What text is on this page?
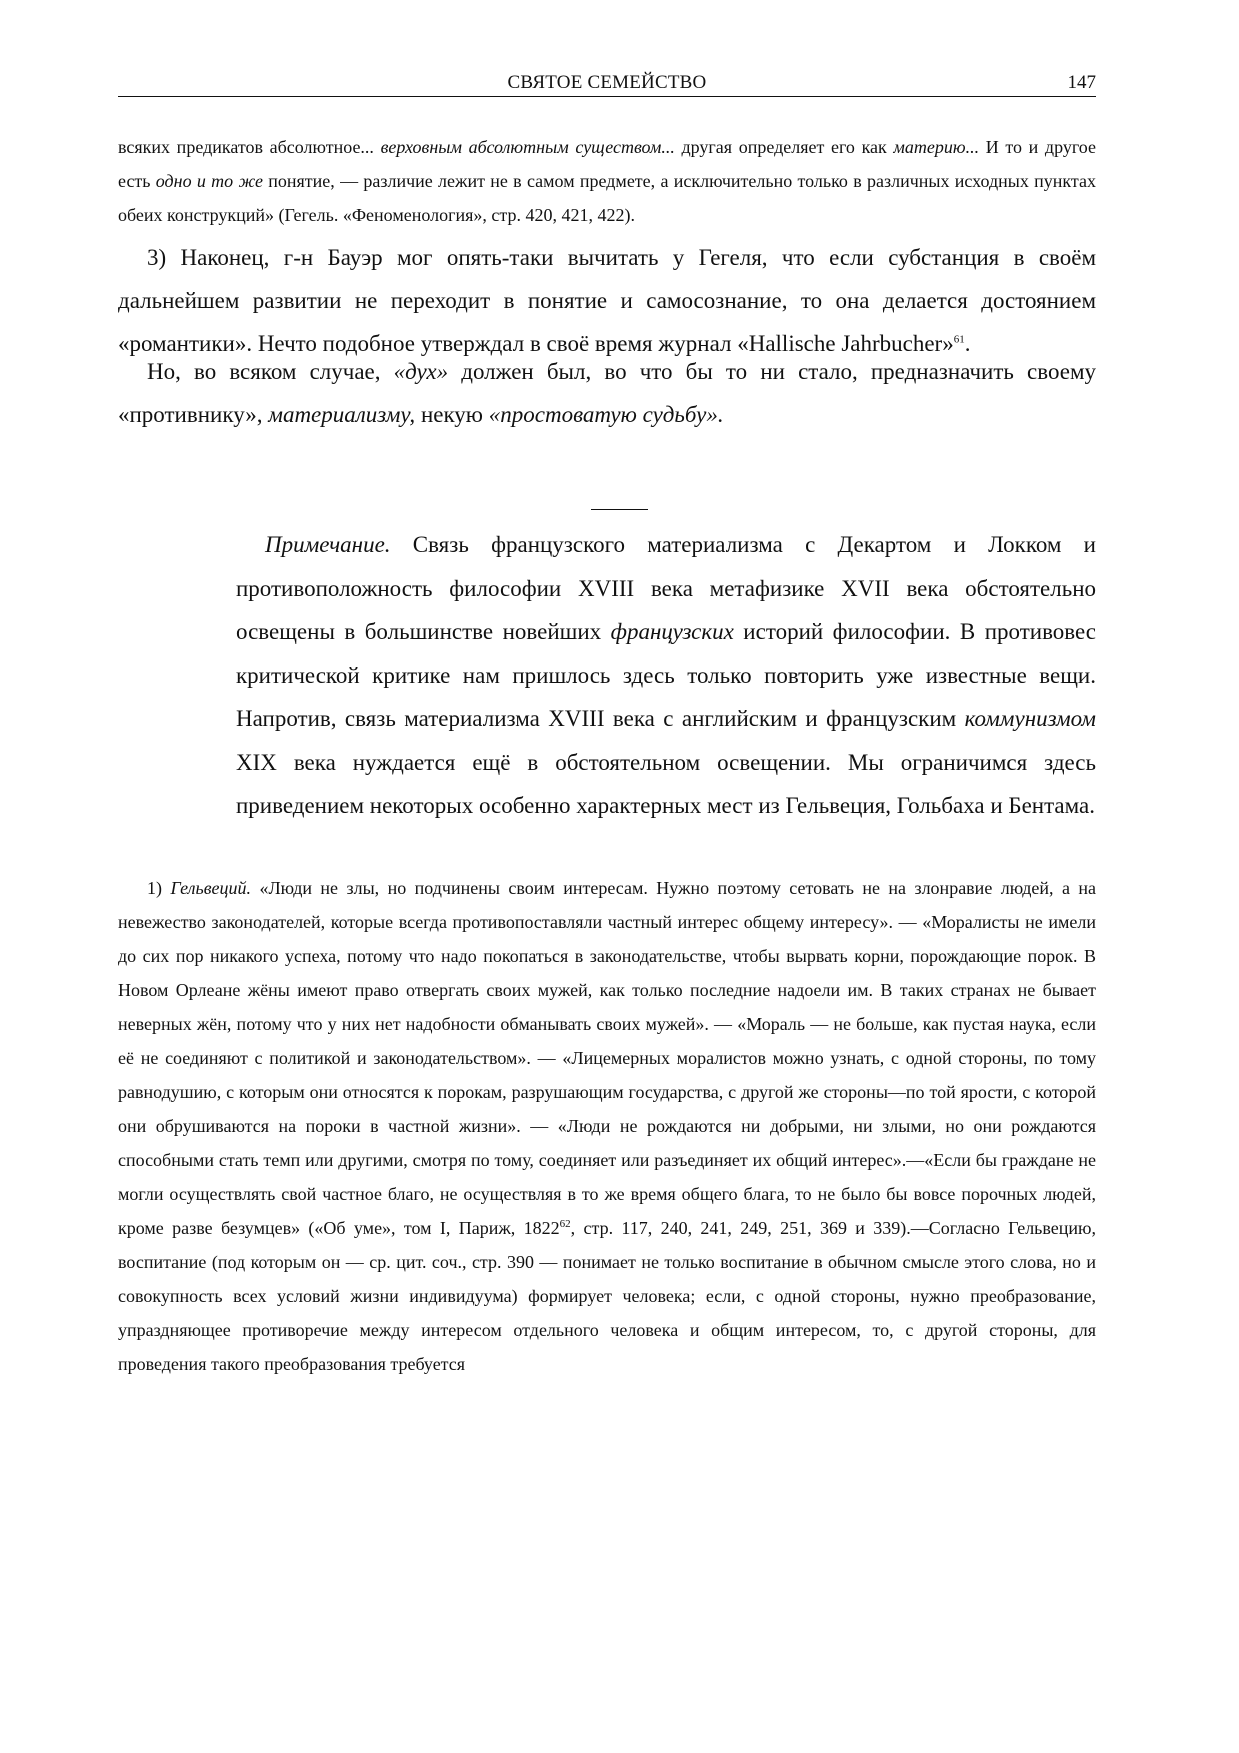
СВЯТОЕ СЕМЕЙСТВО	147
всяких предикатов абсолютное... верховным абсолютным существом... другая определяет его как материю... И то и другое есть одно и то же понятие, — различие лежит не в самом предмете, а исключительно только в различных исходных пунктах обеих конструкций» (Гегель. «Феноменология», стр. 420, 421, 422).
3) Наконец, г-н Бауэр мог опять-таки вычитать у Гегеля, что если субстанция в своём дальнейшем развитии не переходит в понятие и самосознание, то она делается достоянием «романтики». Нечто подобное утверждал в своё время журнал «Hallische Jahrbucher»$^{61}$.
Но, во всяком случае, «дух» должен был, во что бы то ни стало, предназначить своему «противнику», материализму, некую «простоватую судьбу».
Примечание. Связь французского материализма с Декартом и Локком и противоположность философии XVIII века метафизике XVII века обстоятельно освещены в большинстве новейших французских историй философии. В противовес критической критике нам пришлось здесь только повторить уже известные вещи. Напротив, связь материализма XVIII века с английским и французским коммунизмом XIX века нуждается ещё в обстоятельном освещении. Мы ограничимся здесь приведением некоторых особенно характерных мест из Гельвеция, Гольбаха и Бентама.
1) Гельвеций. «Люди не злы, но подчинены своим интересам. Нужно поэтому сетовать не на злонравие людей, а на невежество законодателей, которые всегда противопоставляли частный интерес общему интересу». — «Моралисты не имели до сих пор никакого успеха, потому что надо покопаться в законодательстве, чтобы вырвать корни, порождающие порок. В Новом Орлеане жёны имеют право отвергать своих мужей, как только последние надоели им. В таких странах не бывает неверных жён, потому что у них нет надобности обманывать своих мужей». — «Мораль — не больше, как пустая наука, если её не соединяют с политикой и законодательством». — «Лицемерных моралистов можно узнать, с одной стороны, по тому равнодушию, с которым они относятся к порокам, разрушающим государства, с другой же стороны—по той ярости, с которой они обрушиваются на пороки в частной жизни». — «Люди не рождаются ни добрыми, ни злыми, но они рождаются способными стать темп или другими, смотря по тому, соединяет или разъединяет их общий интерес».—«Если бы граждане не могли осуществлять свой частное благо, не осуществляя в то же время общего блага, то не было бы вовсе порочных людей, кроме разве безумцев» («Об уме», том I, Париж, 1822$^{62}$, стр. 117, 240, 241, 249, 251, 369 и 339).—Согласно Гельвецию, воспитание (под которым он — ср. цит. соч., стр. 390 — понимает не только воспитание в обычном смысле этого слова, но и совокупность всех условий жизни индивидуума) формирует человека; если, с одной стороны, нужно преобразование, упраздняющее противоречие между интересом отдельного человека и общим интересом, то, с другой стороны, для проведения такого преобразования требуется
